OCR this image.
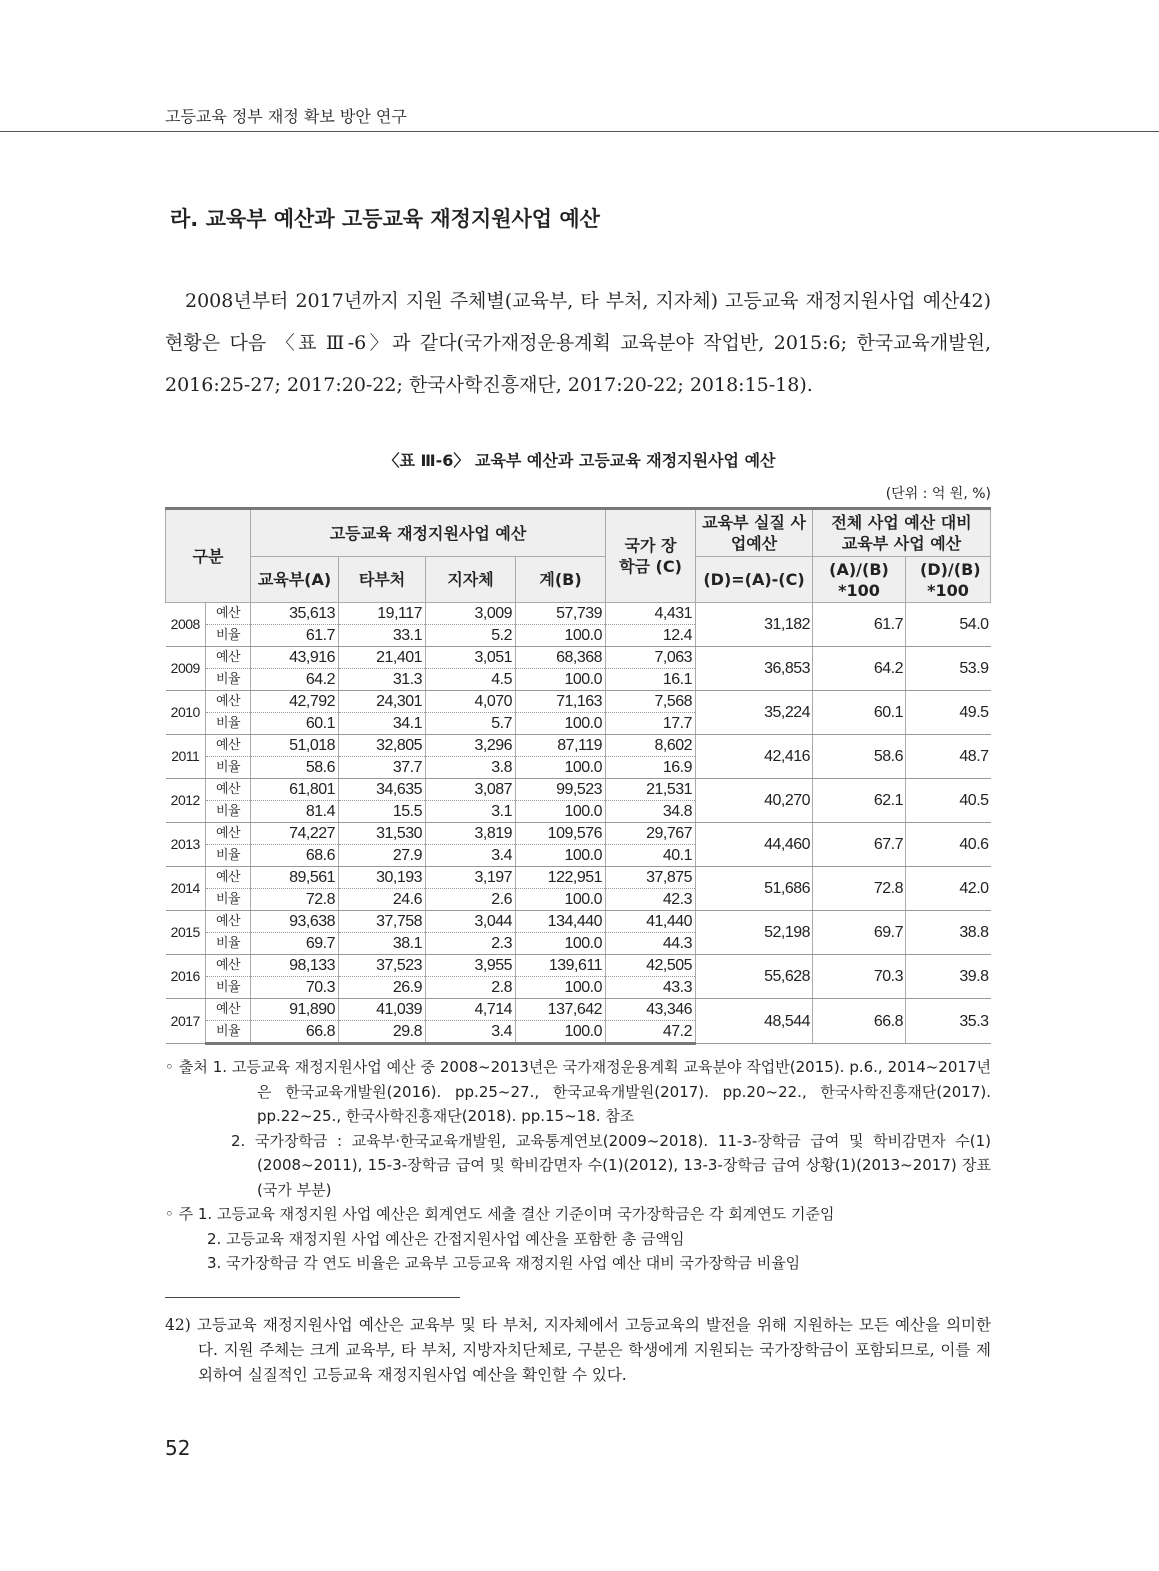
고등교육 정부 재정 확보 방안 연구
라. 교육부 예산과 고등교육 재정지원사업 예산

2008년부터 2017년까지 지원 주체별(교육부, 타 부처, 지자체) 고등교육 재정지원사업 예산42) 현황은 다음 〈표 Ⅲ-6〉과 같다(국가재정운용계획 교육분야 작업반, 2015:6; 한국교육개발원, 2016:25-27; 2017:20-22; 한국사학진흥재단, 2017:20-22; 2018:15-18).

〈표 Ⅲ-6〉 교육부 예산과 고등교육 재정지원사업 예산
(단위 : 억 원, %)
구분		고등교육 재정지원사업 예산				국가 장학금 (C)	교육부 실질 사업예산	전체 사업 예산 대비 교육부 사업 예산	
		교육부(A)	타부처	지자체	계(B)		(D)=(A)-(C)	(A)/(B) *100	(D)/(B) *100
2008	예산	35,613	19,117	3,009	57,739	4,431	31,182	61.7	54.0
	비율	61.7	33.1	5.2	100.0	12.4			
2009	예산	43,916	21,401	3,051	68,368	7,063	36,853	64.2	53.9
	비율	64.2	31.3	4.5	100.0	16.1			
2010	예산	42,792	24,301	4,070	71,163	7,568	35,224	60.1	49.5
	비율	60.1	34.1	5.7	100.0	17.7			
2011	예산	51,018	32,805	3,296	87,119	8,602	42,416	58.6	48.7
	비율	58.6	37.7	3.8	100.0	16.9			
2012	예산	61,801	34,635	3,087	99,523	21,531	40,270	62.1	40.5
	비율	81.4	15.5	3.1	100.0	34.8			
2013	예산	74,227	31,530	3,819	109,576	29,767	44,460	67.7	40.6
	비율	68.6	27.9	3.4	100.0	40.1			
2014	예산	89,561	30,193	3,197	122,951	37,875	51,686	72.8	42.0
	비율	72.8	24.6	2.6	100.0	42.3			
2015	예산	93,638	37,758	3,044	134,440	41,440	52,198	69.7	38.8
	비율	69.7	38.1	2.3	100.0	44.3			
2016	예산	98,133	37,523	3,955	139,611	42,505	55,628	70.3	39.8
	비율	70.3	26.9	2.8	100.0	43.3			
2017	예산	91,890	41,039	4,714	137,642	43,346	48,544	66.8	35.3
	비율	66.8	29.8	3.4	100.0	47.2			
◦ 출처 1. 고등교육 재정지원사업 예산 중 2008~2013년은 국가재정운용계획 교육분야 작업반(2015). p.6., 2014~2017년은 한국교육개발원(2016). pp.25~27., 한국교육개발원(2017). pp.20~22., 한국사학진흥재단(2017). pp.22~25., 한국사학진흥재단(2018). pp.15~18. 참조
2. 국가장학금 : 교육부·한국교육개발원, 교육통계연보(2009~2018). 11-3-장학금 급여 및 학비감면자 수(1)(2008~2011), 15-3-장학금 급여 및 학비감면자 수(1)(2012), 13-3-장학금 급여 상황(1)(2013~2017) 장표(국가 부분)
◦ 주 1. 고등교육 재정지원 사업 예산은 회계연도 세출 결산 기준이며 국가장학금은 각 회계연도 기준임
2. 고등교육 재정지원 사업 예산은 간접지원사업 예산을 포함한 총 금액임
3. 국가장학금 각 연도 비율은 교육부 고등교육 재정지원 사업 예산 대비 국가장학금 비율임
42) 고등교육 재정지원사업 예산은 교육부 및 타 부처, 지자체에서 고등교육의 발전을 위해 지원하는 모든 예산을 의미한다. 지원 주체는 크게 교육부, 타 부처, 지방자치단체로, 구분은 학생에게 지원되는 국가장학금이 포함되므로, 이를 제외하여 실질적인 고등교육 재정지원사업 예산을 확인할 수 있다.
52
